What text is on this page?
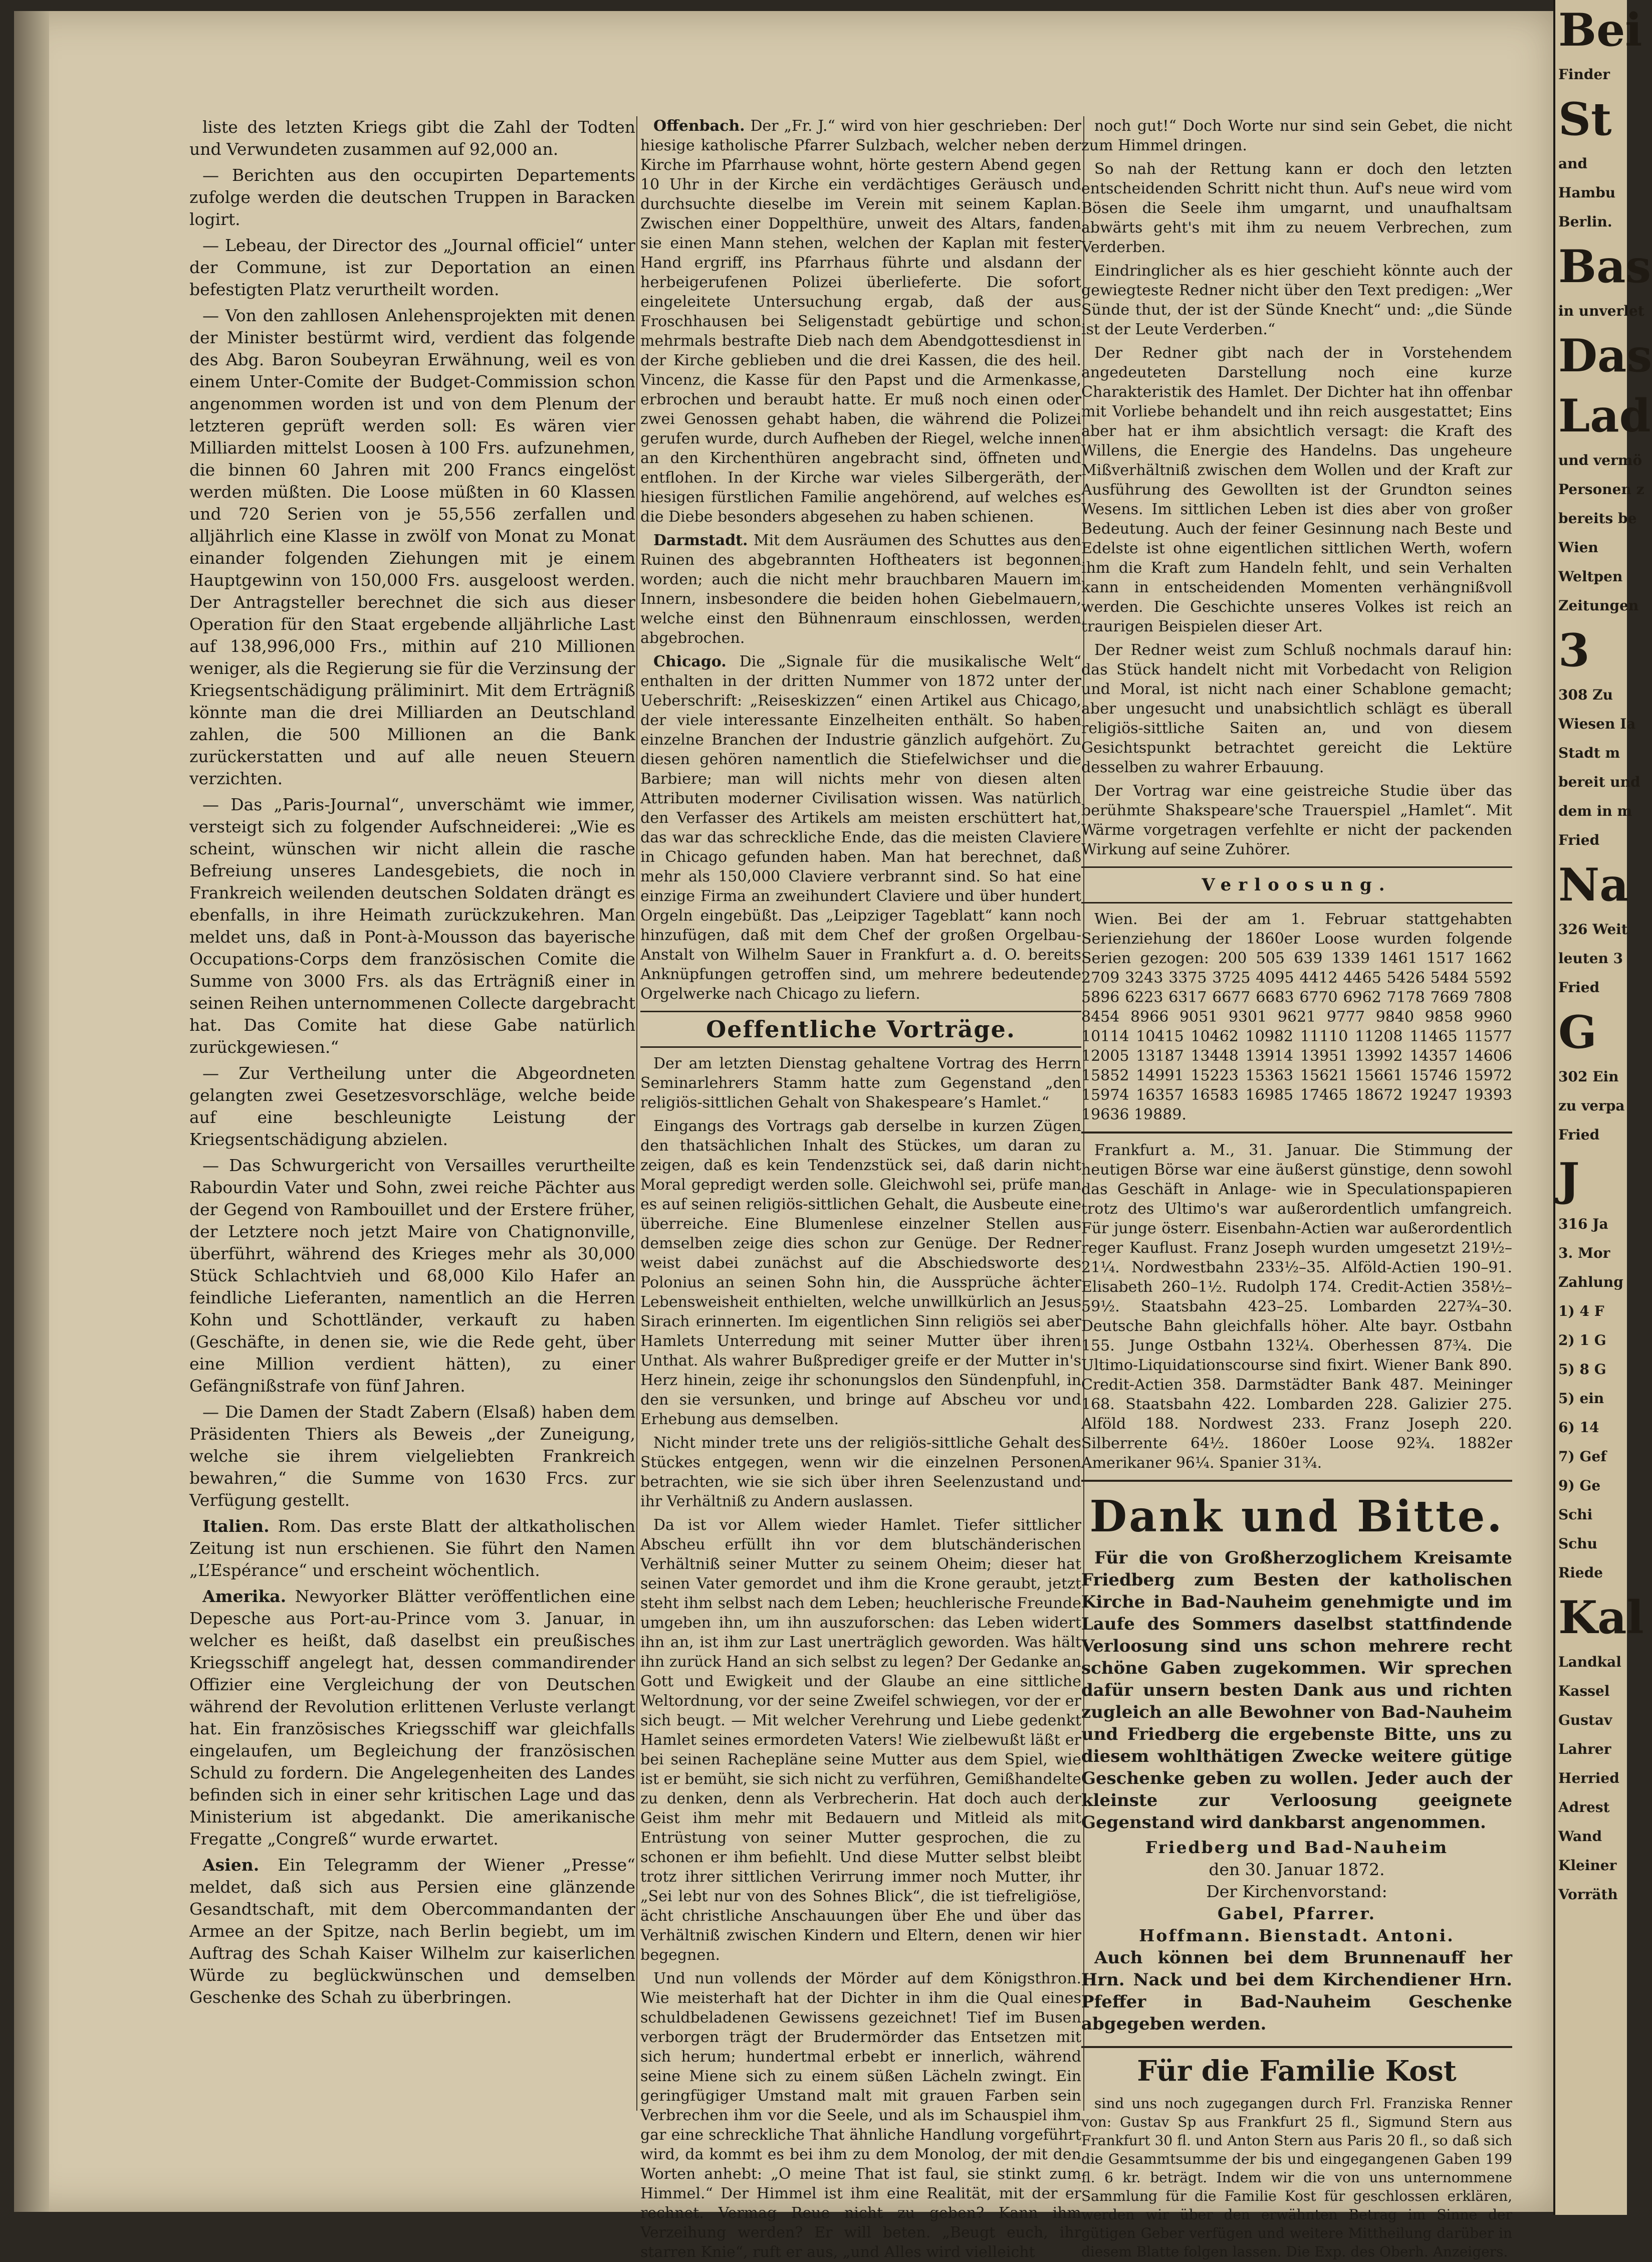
liste des letzten Kriegs gibt die Zahl der Todten und Verwundeten zusammen auf 92,000 an.

— Berichten aus den occupirten Departements zufolge werden die deutschen Truppen in Baracken logirt.

— Lebeau, der Director des „Journal officiel“ unter der Commune, ist zur Deportation an einen befestigten Platz verurtheilt worden.

— Von den zahllosen Anlehensprojekten mit denen der Minister bestürmt wird, verdient das folgende des Abg. Baron Soubeyran Erwähnung, weil es von einem Unter-Comite der Budget-Commission schon angenommen worden ist und von dem Plenum der letzteren geprüft werden soll: Es wären vier Milliarden mittelst Loosen à 100 Frs. aufzunehmen, die binnen 60 Jahren mit 200 Francs eingelöst werden müßten. Die Loose müßten in 60 Klassen und 720 Serien von je 55,556 zerfallen und alljährlich eine Klasse in zwölf von Monat zu Monat einander folgenden Ziehungen mit je einem Hauptgewinn von 150,000 Frs. ausgeloost werden. Der Antragsteller berechnet die sich aus dieser Operation für den Staat ergebende alljährliche Last auf 138,996,000 Frs., mithin auf 210 Millionen weniger, als die Regierung sie für die Verzinsung der Kriegsentschädigung präliminirt. Mit dem Erträgniß könnte man die drei Milliarden an Deutschland zahlen, die 500 Millionen an die Bank zurückerstatten und auf alle neuen Steuern verzichten.

— Das „Paris-Journal“, unverschämt wie immer, versteigt sich zu folgender Aufschneiderei: „Wie es scheint, wünschen wir nicht allein die rasche Befreiung unseres Landesgebiets, die noch in Frankreich weilenden deutschen Soldaten drängt es ebenfalls, in ihre Heimath zurückzukehren. Man meldet uns, daß in Pont-à-Mousson das bayerische Occupations-Corps dem französischen Comite die Summe von 3000 Frs. als das Erträgniß einer in seinen Reihen unternommenen Collecte dargebracht hat. Das Comite hat diese Gabe natürlich zurückgewiesen.“

— Zur Vertheilung unter die Abgeordneten gelangten zwei Gesetzesvorschläge, welche beide auf eine beschleunigte Leistung der Kriegsentschädigung abzielen.

— Das Schwurgericht von Versailles verurtheilte Rabourdin Vater und Sohn, zwei reiche Pächter aus der Gegend von Rambouillet und der Erstere früher, der Letztere noch jetzt Maire von Chatignonville, überführt, während des Krieges mehr als 30,000 Stück Schlachtvieh und 68,000 Kilo Hafer an feindliche Lieferanten, namentlich an die Herren Kohn und Schottländer, verkauft zu haben (Geschäfte, in denen sie, wie die Rede geht, über eine Million verdient hätten), zu einer Gefängnißstrafe von fünf Jahren.

— Die Damen der Stadt Zabern (Elsaß) haben dem Präsidenten Thiers als Beweis „der Zuneigung, welche sie ihrem vielgeliebten Frankreich bewahren,“ die Summe von 1630 Frcs. zur Verfügung gestellt.

Italien. Rom. Das erste Blatt der altkatholischen Zeitung ist nun erschienen. Sie führt den Namen „L’Espérance“ und erscheint wöchentlich.

Amerika. Newyorker Blätter veröffentlichen eine Depesche aus Port-au-Prince vom 3. Januar, in welcher es heißt, daß daselbst ein preußisches Kriegsschiff angelegt hat, dessen commandirender Offizier eine Vergleichung der von Deutschen während der Revolution erlittenen Verluste verlangt hat. Ein französisches Kriegsschiff war gleichfalls eingelaufen, um Begleichung der französischen Schuld zu fordern. Die Angelegenheiten des Landes befinden sich in einer sehr kritischen Lage und das Ministerium ist abgedankt. Die amerikanische Fregatte „Congreß“ wurde erwartet.

Asien. Ein Telegramm der Wiener „Presse“ meldet, daß sich aus Persien eine glänzende Gesandtschaft, mit dem Obercommandanten der Armee an der Spitze, nach Berlin begiebt, um im Auftrag des Schah Kaiser Wilhelm zur kaiserlichen Würde zu beglückwünschen und demselben Geschenke des Schah zu überbringen.

Offenbach. Der „Fr. J.“ wird von hier geschrieben: Der hiesige katholische Pfarrer Sulzbach, welcher neben der Kirche im Pfarrhause wohnt, hörte gestern Abend gegen 10 Uhr in der Kirche ein verdächtiges Geräusch und durchsuchte dieselbe im Verein mit seinem Kaplan. Zwischen einer Doppelthüre, unweit des Altars, fanden sie einen Mann stehen, welchen der Kaplan mit fester Hand ergriff, ins Pfarrhaus führte und alsdann der herbeigerufenen Polizei überlieferte. Die sofort eingeleitete Untersuchung ergab, daß der aus Froschhausen bei Seligenstadt gebürtige und schon mehrmals bestrafte Dieb nach dem Abendgottesdienst in der Kirche geblieben und die drei Kassen, die des heil. Vincenz, die Kasse für den Papst und die Armenkasse, erbrochen und beraubt hatte. Er muß noch einen oder zwei Genossen gehabt haben, die während die Polizei gerufen wurde, durch Aufheben der Riegel, welche innen an den Kirchenthüren angebracht sind, öffneten und entflohen. In der Kirche war vieles Silbergeräth, der hiesigen fürstlichen Familie angehörend, auf welches es die Diebe besonders abgesehen zu haben schienen.

Darmstadt. Mit dem Ausräumen des Schuttes aus den Ruinen des abgebrannten Hoftheaters ist begonnen worden; auch die nicht mehr brauchbaren Mauern im Innern, insbesondere die beiden hohen Giebelmauern, welche einst den Bühnenraum einschlossen, werden abgebrochen.

Chicago. Die „Signale für die musikalische Welt“ enthalten in der dritten Nummer von 1872 unter der Ueberschrift: „Reiseskizzen“ einen Artikel aus Chicago, der viele interessante Einzelheiten enthält. So haben einzelne Branchen der Industrie gänzlich aufgehört. Zu diesen gehören namentlich die Stiefelwichser und die Barbiere; man will nichts mehr von diesen alten Attributen moderner Civilisation wissen. Was natürlich den Verfasser des Artikels am meisten erschüttert hat, das war das schreckliche Ende, das die meisten Claviere in Chicago gefunden haben. Man hat berechnet, daß mehr als 150,000 Claviere verbrannt sind. So hat eine einzige Firma an zweihundert Claviere und über hundert Orgeln eingebüßt. Das „Leipziger Tageblatt“ kann noch hinzufügen, daß mit dem Chef der großen Orgelbau-Anstalt von Wilhelm Sauer in Frankfurt a. d. O. bereits Anknüpfungen getroffen sind, um mehrere bedeutende Orgelwerke nach Chicago zu liefern.

Oeffentliche Vorträge.

Der am letzten Dienstag gehaltene Vortrag des Herrn Seminarlehrers Stamm hatte zum Gegenstand „den religiös-sittlichen Gehalt von Shakespeare’s Hamlet.“

Eingangs des Vortrags gab derselbe in kurzen Zügen den thatsächlichen Inhalt des Stückes, um daran zu zeigen, daß es kein Tendenzstück sei, daß darin nicht Moral gepredigt werden solle. Gleichwohl sei, prüfe man es auf seinen religiös-sittlichen Gehalt, die Ausbeute eine überreiche. Eine Blumenlese einzelner Stellen aus demselben zeige dies schon zur Genüge. Der Redner weist dabei zunächst auf die Abschiedsworte des Polonius an seinen Sohn hin, die Aussprüche ächter Lebensweisheit enthielten, welche unwillkürlich an Jesus Sirach erinnerten. Im eigentlichen Sinn religiös sei aber Hamlets Unterredung mit seiner Mutter über ihren Unthat. Als wahrer Bußprediger greife er der Mutter in's Herz hinein, zeige ihr schonungslos den Sündenpfuhl, in den sie versunken, und bringe auf Abscheu vor und Erhebung aus demselben.

Nicht minder trete uns der religiös-sittliche Gehalt des Stückes entgegen, wenn wir die einzelnen Personen betrachten, wie sie sich über ihren Seelenzustand und ihr Verhältniß zu Andern auslassen.

Da ist vor Allem wieder Hamlet. Tiefer sittlicher Abscheu erfüllt ihn vor dem blutschänderischen Verhältniß seiner Mutter zu seinem Oheim; dieser hat seinen Vater gemordet und ihm die Krone geraubt, jetzt steht ihm selbst nach dem Leben; heuchlerische Freunde umgeben ihn, um ihn auszuforschen: das Leben widert ihn an, ist ihm zur Last unerträglich geworden. Was hält ihn zurück Hand an sich selbst zu legen? Der Gedanke an Gott und Ewigkeit und der Glaube an eine sittliche Weltordnung, vor der seine Zweifel schwiegen, vor der er sich beugt. — Mit welcher Verehrung und Liebe gedenkt Hamlet seines ermordeten Vaters! Wie zielbewußt läßt er bei seinen Rachepläne seine Mutter aus dem Spiel, wie ist er bemüht, sie sich nicht zu verführen, Gemißhandelte zu denken, denn als Verbrecherin. Hat doch auch der Geist ihm mehr mit Bedauern und Mitleid als mit Entrüstung von seiner Mutter gesprochen, die zu schonen er ihm befiehlt. Und diese Mutter selbst bleibt trotz ihrer sittlichen Verirrung immer noch Mutter, ihr „Sei lebt nur von des Sohnes Blick“, die ist tiefreligiöse, ächt christliche Anschauungen über Ehe und über das Verhältniß zwischen Kindern und Eltern, denen wir hier begegnen.

Und nun vollends der Mörder auf dem Königsthron. Wie meisterhaft hat der Dichter in ihm die Qual eines schuldbeladenen Gewissens gezeichnet! Tief im Busen verborgen trägt der Brudermörder das Entsetzen mit sich herum; hundertmal erbebt er innerlich, während seine Miene sich zu einem süßen Lächeln zwingt. Ein geringfügiger Umstand malt mit grauen Farben sein Verbrechen ihm vor die Seele, und als im Schauspiel ihm gar eine schreckliche That ähnliche Handlung vorgeführt wird, da kommt es bei ihm zu dem Monolog, der mit den Worten anhebt: „O meine That ist faul, sie stinkt zum Himmel.“ Der Himmel ist ihm eine Realität, mit der er rechnet. Vermag Reue nicht zu geben? Kann ihm Verzeihung werden? Er will beten. „Beugt euch, ihr starren Knie“, ruft er aus, „und Alles wird vielleicht

noch gut!“ Doch Worte nur sind sein Gebet, die nicht zum Himmel dringen.

So nah der Rettung kann er doch den letzten entscheidenden Schritt nicht thun. Auf's neue wird vom Bösen die Seele ihm umgarnt, und unaufhaltsam abwärts geht's mit ihm zu neuem Verbrechen, zum Verderben.

Eindringlicher als es hier geschieht könnte auch der gewiegteste Redner nicht über den Text predigen: „Wer Sünde thut, der ist der Sünde Knecht“ und: „die Sünde ist der Leute Verderben.“

Der Redner gibt nach der in Vorstehendem angedeuteten Darstellung noch eine kurze Charakteristik des Hamlet. Der Dichter hat ihn offenbar mit Vorliebe behandelt und ihn reich ausgestattet; Eins aber hat er ihm absichtlich versagt: die Kraft des Willens, die Energie des Handelns. Das ungeheure Mißverhältniß zwischen dem Wollen und der Kraft zur Ausführung des Gewollten ist der Grundton seines Wesens. Im sittlichen Leben ist dies aber von großer Bedeutung. Auch der feiner Gesinnung nach Beste und Edelste ist ohne eigentlichen sittlichen Werth, wofern ihm die Kraft zum Handeln fehlt, und sein Verhalten kann in entscheidenden Momenten verhängnißvoll werden. Die Geschichte unseres Volkes ist reich an traurigen Beispielen dieser Art.

Der Redner weist zum Schluß nochmals darauf hin: das Stück handelt nicht mit Vorbedacht von Religion und Moral, ist nicht nach einer Schablone gemacht; aber ungesucht und unabsichtlich schlägt es überall religiös-sittliche Saiten an, und von diesem Gesichtspunkt betrachtet gereicht die Lektüre desselben zu wahrer Erbauung.

Der Vortrag war eine geistreiche Studie über das berühmte Shakspeare'sche Trauerspiel „Hamlet“. Mit Wärme vorgetragen verfehlte er nicht der packenden Wirkung auf seine Zuhörer.

Verloosung.

Wien. Bei der am 1. Februar stattgehabten Serienziehung der 1860er Loose wurden folgende Serien gezogen: 200 505 639 1339 1461 1517 1662 2709 3243 3375 3725 4095 4412 4465 5426 5484 5592 5896 6223 6317 6677 6683 6770 6962 7178 7669 7808 8454 8966 9051 9301 9621 9777 9840 9858 9960 10114 10415 10462 10982 11110 11208 11465 11577 12005 13187 13448 13914 13951 13992 14357 14606 15852 14991 15223 15363 15621 15661 15746 15972 15974 16357 16583 16985 17465 18672 19247 19393 19636 19889.

Frankfurt a. M., 31. Januar. Die Stimmung der heutigen Börse war eine äußerst günstige, denn sowohl das Geschäft in Anlage- wie in Speculationspapieren trotz des Ultimo's war außerordentlich umfangreich. Für junge österr. Eisenbahn-Actien war außerordentlich reger Kauflust. Franz Joseph wurden umgesetzt 219½–21¼. Nordwestbahn 233½–35. Alföld-Actien 190–91. Elisabeth 260–1½. Rudolph 174. Credit-Actien 358½–59½. Staatsbahn 423–25. Lombarden 227¾–30. Deutsche Bahn gleichfalls höher. Alte bayr. Ostbahn 155. Junge Ostbahn 132¼. Oberhessen 87¾. Die Ultimo-Liquidationscourse sind fixirt. Wiener Bank 890. Credit-Actien 358. Darmstädter Bank 487. Meininger 168. Staatsbahn 422. Lombarden 228. Galizier 275. Alföld 188. Nordwest 233. Franz Joseph 220. Silberrente 64½. 1860er Loose 92¾. 1882er Amerikaner 96¼. Spanier 31¾.

Dank und Bitte.

Für die von Großherzoglichem Kreisamte Friedberg zum Besten der katholischen Kirche in Bad-Nauheim genehmigte und im Laufe des Sommers daselbst stattfindende Verloosung sind uns schon mehrere recht schöne Gaben zugekommen. Wir sprechen dafür unsern besten Dank aus und richten zugleich an alle Bewohner von Bad-Nauheim und Friedberg die ergebenste Bitte, uns zu diesem wohlthätigen Zwecke weitere gütige Geschenke geben zu wollen. Jeder auch der kleinste zur Verloosung geeignete Gegenstand wird dankbarst angenommen.

Friedberg und Bad-Nauheim
den 30. Januar 1872.
Der Kirchenvorstand:
Gabel, Pfarrer.
Hoffmann. Bienstadt. Antoni.

Auch können bei dem Brunnenauff her Hrn. Nack und bei dem Kirchendiener Hrn. Pfeffer in Bad-Nauheim Geschenke abgegeben werden.

Für die Familie Kost

sind uns noch zugegangen durch Frl. Franziska Renner von: Gustav Sp aus Frankfurt 25 fl., Sigmund Stern aus Frankfurt 30 fl. und Anton Stern aus Paris 20 fl., so daß sich die Gesammtsumme der bis und eingegangenen Gaben 199 fl. 6 kr. beträgt. Indem wir die von uns unternommene Sammlung für die Familie Kost für geschlossen erklären, werden wir über den erwähnten Betrag im Sinne der gütigen Geber verfügen und weitere Mittheilung darüber in diesem Blatte folgen lassen. Die Exp. des Oberh. Anzeigers.

Bei
Finder
St
and
Hambu
Berlin.
Bas
in unverlet
Das
Lad
und vermö
Personen z
bereits be
Wien
Weltpen
Zeitungen
3
308 Zu
Wiesen Ia
Stadt m
bereit und
dem in m
Fried
Na
326 Weit
leuten 3
Fried
G
302 Ein
zu verpa
Fried
J
316 Ja
3. Mor
Zahlung
1) 4 F
2) 1 G
5) 8 G
5) ein
6) 14
7) Gef
9) Ge
Schi
Schu
Riede
Kal
Landkal
Kassel
Gustav
Lahrer
Herried
Adrest
Wand
Kleiner
Vorräth
